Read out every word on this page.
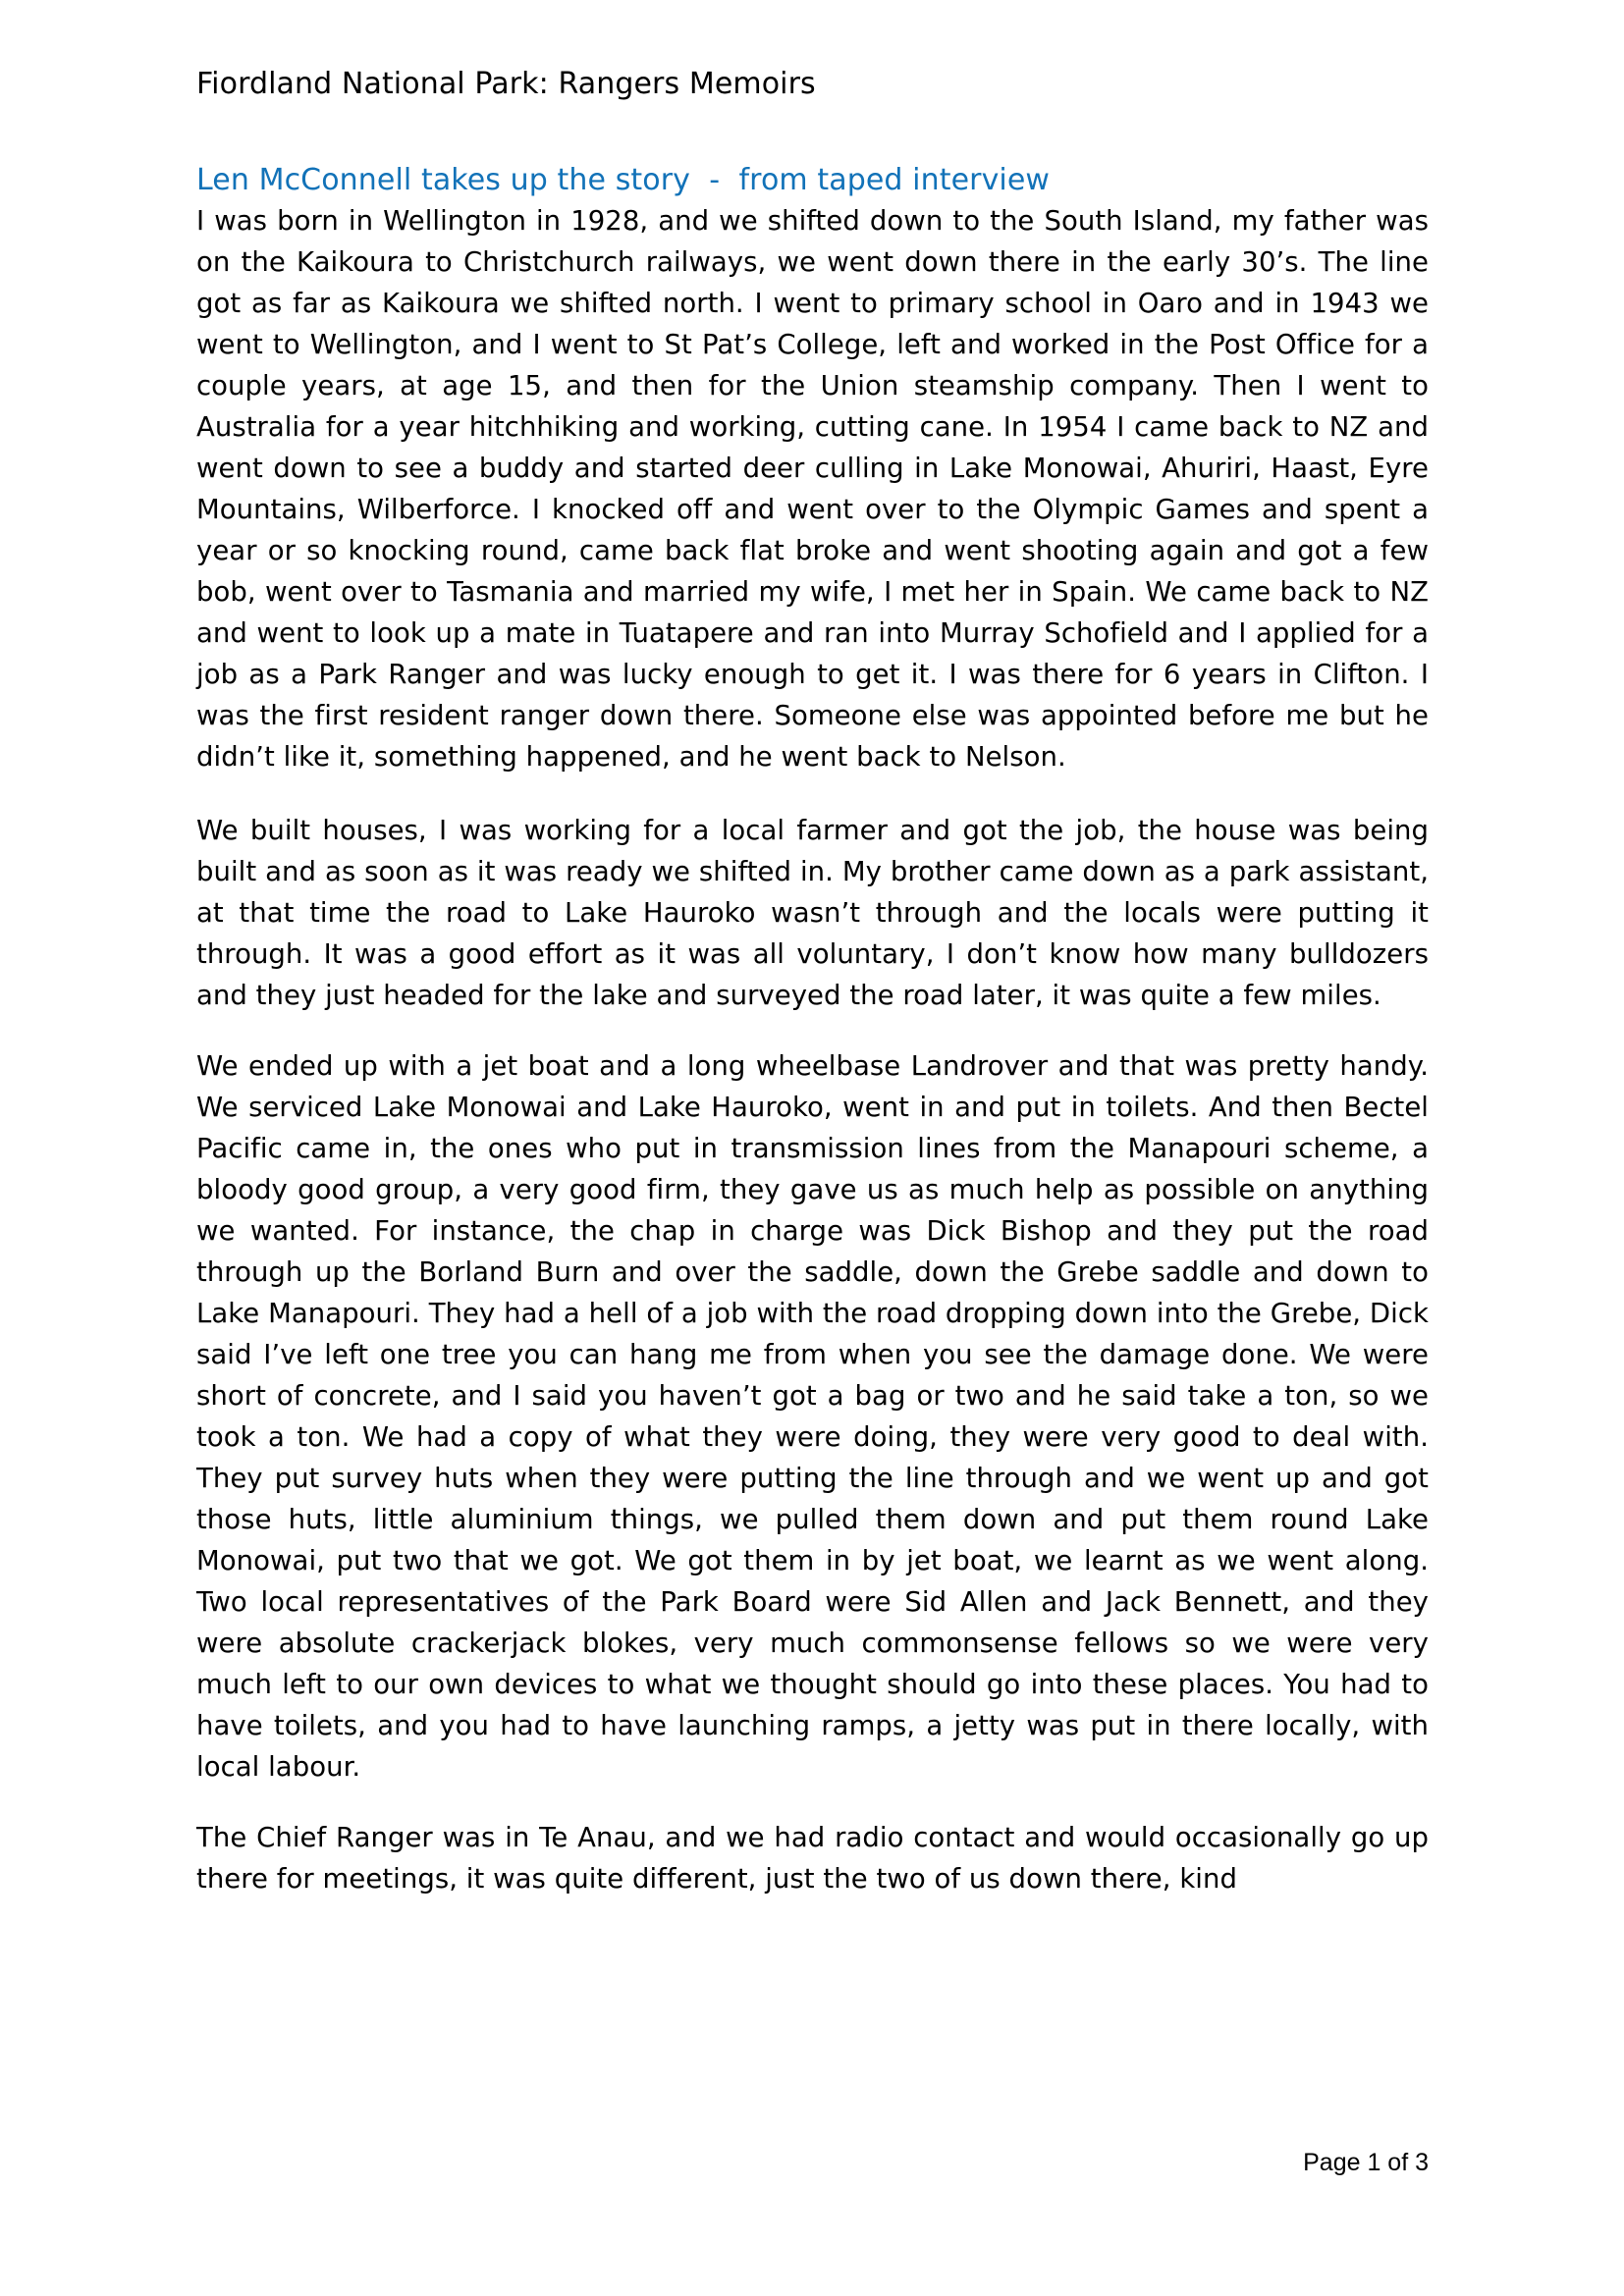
Fiordland National Park: Rangers Memoirs
Len McConnell takes up the story  -  from taped interview

I was born in Wellington in 1928, and we shifted down to the South Island, my father was on the Kaikoura to Christchurch railways, we went down there in the early 30’s. The line got as far as Kaikoura we shifted north. I went to primary school in Oaro and in 1943 we went to Wellington, and I went to St Pat’s College, left and worked in the Post Office for a couple years, at age 15, and then for the Union steamship company. Then I went to Australia for a year hitchhiking and working, cutting cane. In 1954 I came back to NZ and went down to see a buddy and started deer culling in Lake Monowai, Ahuriri, Haast, Eyre Mountains, Wilberforce. I knocked off and went over to the Olympic Games and spent a year or so knocking round, came back flat broke and went shooting again and got a few bob, went over to Tasmania and married my wife, I met her in Spain. We came back to NZ and went to look up a mate in Tuatapere and ran into Murray Schofield and I applied for a job as a Park Ranger and was lucky enough to get it. I was there for 6 years in Clifton. I was the first resident ranger down there. Someone else was appointed before me but he didn’t like it, something happened, and he went back to Nelson.

We built houses, I was working for a local farmer and got the job, the house was being built and as soon as it was ready we shifted in. My brother came down as a park assistant, at that time the road to Lake Hauroko wasn’t through and the locals were putting it through. It was a good effort as it was all voluntary, I don’t know how many bulldozers and they just headed for the lake and surveyed the road later, it was quite a few miles.

We ended up with a jet boat and a long wheelbase Landrover and that was pretty handy. We serviced Lake Monowai and Lake Hauroko, went in and put in toilets. And then Bectel Pacific came in, the ones who put in transmission lines from the Manapouri scheme, a bloody good group, a very good firm, they gave us as much help as possible on anything we wanted. For instance, the chap in charge was Dick Bishop and they put the road through up the Borland Burn and over the saddle, down the Grebe saddle and down to Lake Manapouri. They had a hell of a job with the road dropping down into the Grebe, Dick said I’ve left one tree you can hang me from when you see the damage done. We were short of concrete, and I said you haven’t got a bag or two and he said take a ton, so we took a ton. We had a copy of what they were doing, they were very good to deal with. They put survey huts when they were putting the line through and we went up and got those huts, little aluminium things, we pulled them down and put them round Lake Monowai, put two that we got. We got them in by jet boat, we learnt as we went along. Two local representatives of the Park Board were Sid Allen and Jack Bennett, and they were absolute crackerjack blokes, very much commonsense fellows so we were very much left to our own devices to what we thought should go into these places. You had to have toilets, and you had to have launching ramps, a jetty was put in there locally, with local labour.

The Chief Ranger was in Te Anau, and we had radio contact and would occasionally go up there for meetings, it was quite different, just the two of us down there, kind

Page 1 of 3
